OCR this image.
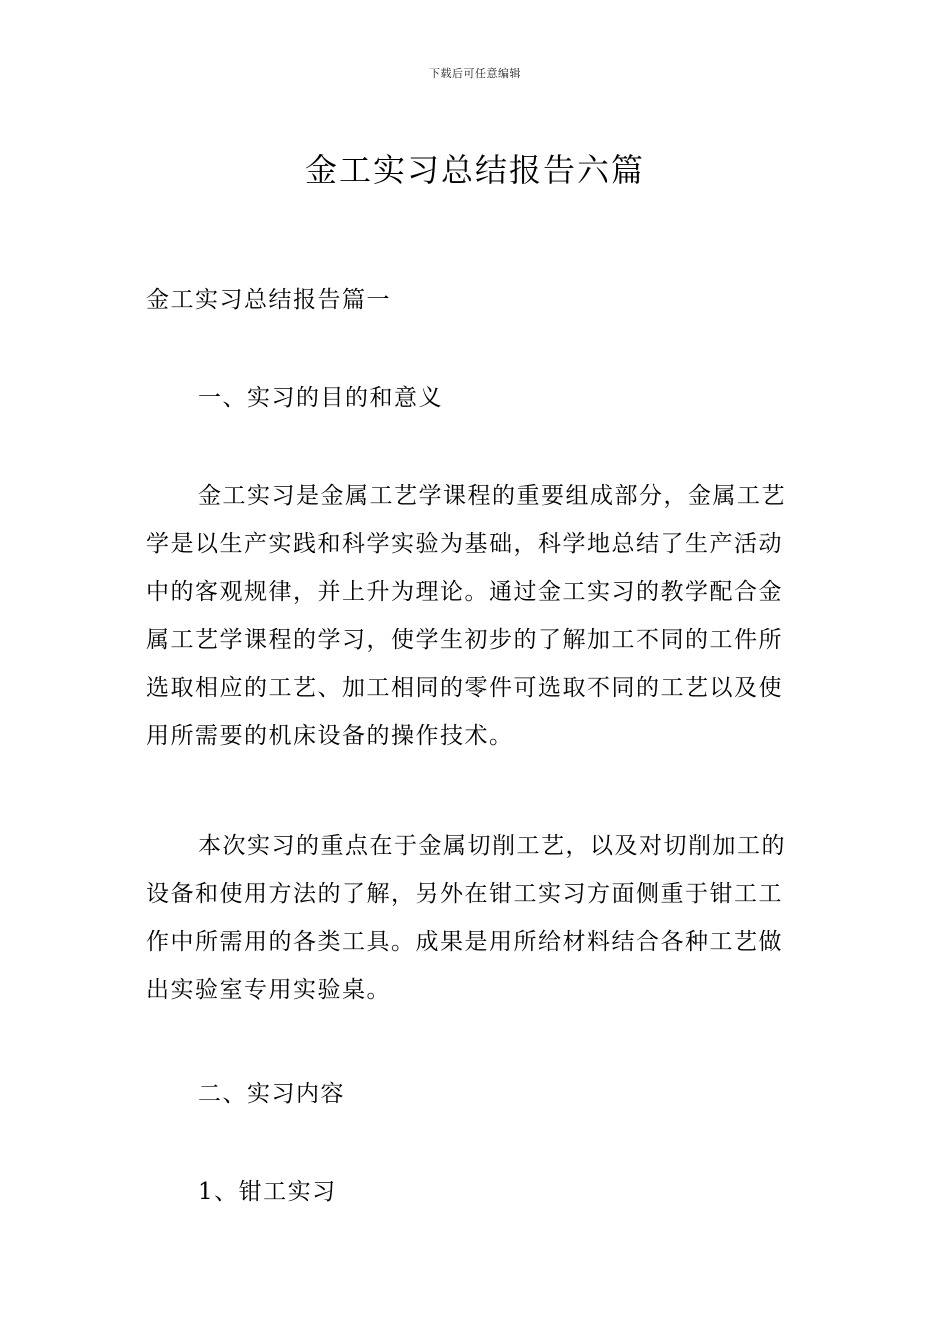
下载后可任意编辑
金工实习总结报告六篇

金工实习总结报告篇一

一、实习的目的和意义

金工实习是金属工艺学课程的重要组成部分，金属工艺学是以生产实践和科学实验为基础，科学地总结了生产活动中的客观规律，并上升为理论。通过金工实习的教学配合金属工艺学课程的学习，使学生初步的了解加工不同的工件所选取相应的工艺、加工相同的零件可选取不同的工艺以及使用所需要的机床设备的操作技术。

本次实习的重点在于金属切削工艺，以及对切削加工的设备和使用方法的了解，另外在钳工实习方面侧重于钳工工作中所需用的各类工具。成果是用所给材料结合各种工艺做出实验室专用实验桌。

二、实习内容

1、钳工实习
